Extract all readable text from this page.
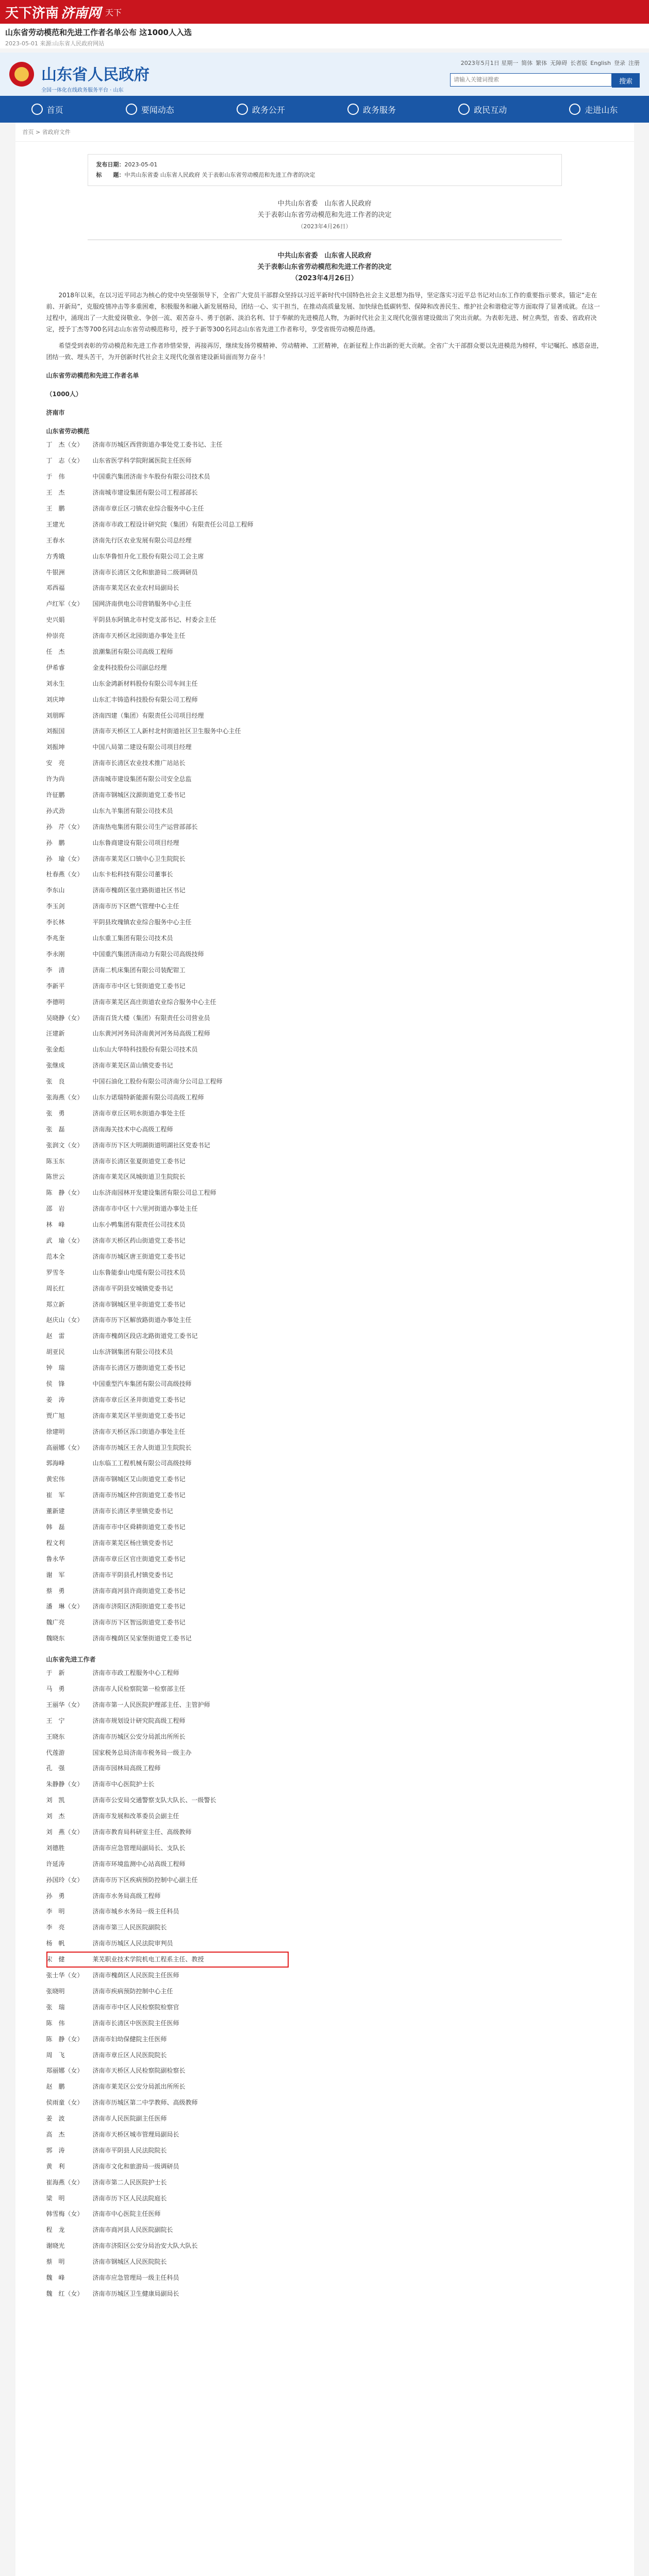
天下济南 济南网 天下
山东省劳动模范和先进工作者名单公布 这1000人入选
2023-05-01 来源:山东省人民政府网站
山东省人民政府
全国一体化在线政务服务平台 · 山东
2023年5月1日 星期一 简体 繁体 无障碍 长者版 English 登录 注册
请输入关键词搜索
搜索
首页	要闻动态	政务公开	政务服务	政民互动	走进山东
首页 > 省政府文件
发布日期：2023-05-01
标　　题：中共山东省委 山东省人民政府 关于表彰山东省劳动模范和先进工作者的决定
中共山东省委　山东省人民政府
关于表彰山东省劳动模范和先进工作者的决定
（2023年4月26日）
中共山东省委　山东省人民政府
关于表彰山东省劳动模范和先进工作者的决定
（2023年4月26日）

2018年以来，在以习近平同志为核心的党中央坚强领导下，全省广大党员干部群众坚持以习近平新时代中国特色社会主义思想为指导，坚定落实习近平总书记对山东工作的重要指示要求，锚定“走在前、开新局”，克服疫情冲击等多重困难，积极服务和融入新发展格局，团结一心、实干担当，在推动高质量发展、加快绿色低碳转型、保障和改善民生、维护社会和谐稳定等方面取得了显著成就。在这一过程中，涌现出了一大批爱岗敬业、争创一流、艰苦奋斗、勇于创新、淡泊名利、甘于奉献的先进模范人物，为新时代社会主义现代化强省建设做出了突出贡献。为表彰先进、树立典型，省委、省政府决定，授予丁杰等700名同志山东省劳动模范称号，授予于新等300名同志山东省先进工作者称号，享受省级劳动模范待遇。

希望受到表彰的劳动模范和先进工作者珍惜荣誉，再接再厉，继续发扬劳模精神、劳动精神、工匠精神，在新征程上作出新的更大贡献。全省广大干部群众要以先进模范为榜样，牢记嘱托、感恩奋进，团结一致、埋头苦干，为开创新时代社会主义现代化强省建设新局面而努力奋斗！

山东省劳动模范和先进工作者名单
（1000人）
济南市
山东省劳动模范
丁　杰（女）	济南市历城区西营街道办事处党工委书记、主任
丁　志（女）	山东省医学科学院附属医院主任医师
于　伟	中国重汽集团济南卡车股份有限公司技术员
王　杰	济南城市建设集团有限公司工程部部长
王　鹏	济南市章丘区刁镇农业综合服务中心主任
王建光	济南市市政工程设计研究院（集团）有限责任公司总工程师
王春水	济南先行区农业发展有限公司总经理
方秀娥	山东华鲁恒升化工股份有限公司工会主席
牛银洲	济南市长清区文化和旅游局二级调研员
邓西福	济南市莱芜区农业农村局副局长
卢红军（女）	国网济南供电公司营销服务中心主任
史兴娟	平阴县东阿镇北市村党支部书记、村委会主任
仲崇亮	济南市天桥区北园街道办事处主任
任　杰	浪潮集团有限公司高级工程师
伊希睿	金麦科技股份公司副总经理
刘永生	山东金鸿新材料股份有限公司车间主任
刘庆坤	山东汇丰铸造科技股份有限公司工程师
刘朋晖	济南四建（集团）有限责任公司项目经理
刘振国	济南市天桥区工人新村北村街道社区卫生服务中心主任
刘振坤	中国八局第二建设有限公司项目经理
安　亮	济南市长清区农业技术推广站站长
许为尚	济南城市建设集团有限公司安全总监
许征鹏	济南市钢城区汶源街道党工委书记
孙式劲	山东九羊集团有限公司技术员
孙　芹（女）	济南热电集团有限公司生产运营部部长
孙　鹏	山东鲁商建设有限公司项目经理
孙　瑜（女）	济南市莱芜区口镇中心卫生院院长
杜春燕（女）	山东卡松科技有限公司董事长
李东山	济南市槐荫区张庄路街道社区书记
李玉剑	济南市历下区燃气管理中心主任
李长林	平阴县玫瑰镇农业综合服务中心主任
李兆奎	山东重工集团有限公司技术员
李永刚	中国重汽集团济南动力有限公司高级技师
李　清	济南二机床集团有限公司装配钳工
李新平	济南市市中区七贤街道党工委书记
李德明	济南市莱芜区高庄街道农业综合服务中心主任
吴晓静（女）	济南百货大楼（集团）有限责任公司营业员
汪建新	山东黄河河务局济南黄河河务局高级工程师
张金彪	山东山大华特科技股份有限公司技术员
张继成	济南市莱芜区苗山镇党委书记
张　良	中国石油化工股份有限公司济南分公司总工程师
张海燕（女）	山东力诺瑞特新能源有限公司高级工程师
张　勇	济南市章丘区明水街道办事处主任
张　磊	济南海关技术中心高级工程师
张润文（女）	济南市历下区大明湖街道明湖社区党委书记
陈玉东	济南市长清区张夏街道党工委书记
陈世云	济南市莱芜区凤城街道卫生院院长
陈　静（女）	山东济南园林开发建设集团有限公司总工程师
邵　岩	济南市市中区十六里河街道办事处主任
林　峰	山东小鸭集团有限责任公司技术员
武　瑜（女）	济南市天桥区药山街道党工委书记
范本全	济南市历城区唐王街道党工委书记
罗雪冬	山东鲁能泰山电缆有限公司技术员
周长红	济南市平阴县安城镇党委书记
郑立新	济南市钢城区里辛街道党工委书记
赵庆山（女）	济南市历下区解放路街道办事处主任
赵　雷	济南市槐荫区段店北路街道党工委书记
胡亚民	山东济钢集团有限公司技术员
钟　瑞	济南市长清区万德街道党工委书记
侯　锋	中国重型汽车集团有限公司高级技师
姜　涛	济南市章丘区圣井街道党工委书记
贾广旭	济南市莱芜区羊里街道党工委书记
徐建明	济南市天桥区泺口街道办事处主任
高丽娜（女）	济南市历城区王舍人街道卫生院院长
郭海峰	山东临工工程机械有限公司高级技师
黄宏伟	济南市钢城区艾山街道党工委书记
崔　军	济南市历城区仲宫街道党工委书记
董新建	济南市长清区孝里镇党委书记
韩　磊	济南市市中区舜耕街道党工委书记
程文利	济南市莱芜区杨庄镇党委书记
鲁永华	济南市章丘区官庄街道党工委书记
谢　军	济南市平阴县孔村镇党委书记
蔡　勇	济南市商河县许商街道党工委书记
潘　琳（女）	济南市济阳区济阳街道党工委书记
魏广亮	济南市历下区智远街道党工委书记
魏晓东	济南市槐荫区吴家堡街道党工委书记
山东省先进工作者
于　新	济南市市政工程服务中心工程师
马　勇	济南市人民检察院第一检察部主任
王丽华（女）	济南市第一人民医院护理部主任、主管护师
王　宁	济南市规划设计研究院高级工程师
王晓东	济南市历城区公安分局派出所所长
代莲游	国家税务总局济南市税务局一级主办
孔　强	济南市园林局高级工程师
朱静静（女）	济南市中心医院护士长
刘　凯	济南市公安局交通警察支队大队长、一级警长
刘　杰	济南市发展和改革委员会副主任
刘　燕（女）	济南市教育局科研室主任、高级教师
刘德胜	济南市应急管理局副局长、支队长
许延涛	济南市环境监测中心站高级工程师
孙国玲（女）	济南市历下区疾病预防控制中心副主任
孙　勇	济南市水务局高级工程师
李　明	济南市城乡水务局一级主任科员
李　亮	济南市第三人民医院副院长
杨　帆	济南市历城区人民法院审判员
宋　健	莱芜职业技术学院机电工程系主任、教授
张士华（女）	济南市槐荫区人民医院主任医师
张晓明	济南市疾病预防控制中心主任
张　瑞	济南市市中区人民检察院检察官
陈　伟	济南市长清区中医医院主任医师
陈　静（女）	济南市妇幼保健院主任医师
周　飞	济南市章丘区人民医院院长
郑丽娜（女）	济南市天桥区人民检察院副检察长
赵　鹏	济南市莱芜区公安分局派出所所长
侯雨童（女）	济南市历城区第二中学教师、高级教师
姜　波	济南市人民医院副主任医师
高　杰	济南市天桥区城市管理局副局长
郭　涛	济南市平阴县人民法院院长
黄　利	济南市文化和旅游局一级调研员
崔海燕（女）	济南市第二人民医院护士长
梁　明	济南市历下区人民法院庭长
韩雪梅（女）	济南市中心医院主任医师
程　龙	济南市商河县人民医院副院长
谢晓光	济南市济阳区公安分局治安大队大队长
蔡　明	济南市钢城区人民医院院长
魏　峰	济南市应急管理局一级主任科员
魏　红（女）	济南市历城区卫生健康局副局长
